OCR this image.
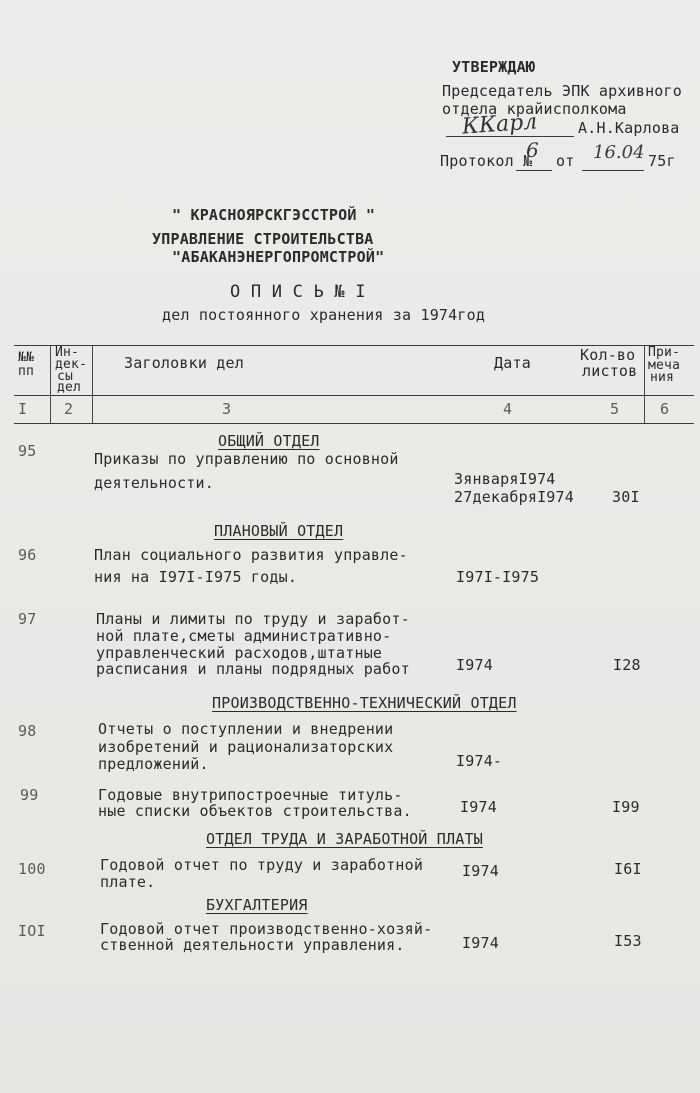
УТВЕРЖДАЮ
Председатель ЭПК архивного
отдела крайисполкома
ККарл	А.Н.Карлова
Протокол №
6 от 16.04 75г
" КРАСНОЯРСКГЭССТРОЙ "
УПРАВЛЕНИЕ СТРОИТЕЛЬСТВА
"АБАКАНЭНЕРГОПРОМСТРОЙ"
О П И С Ь № I
дел постоянного хранения за 1974год
№№
пп
Ин-
дек-
сы
дел
Заголовки дел	Дата	Кол-во
листов
При-
меча
ния
I 2	3	4	5	6
ОБЩИЙ ОТДЕЛ
95	Приказы по управлению по основной
деятельности.	3январяI974
27декабряI974	30I
ПЛАНОВЫЙ ОТДЕЛ
96	План социального развития управле-
ния на I97I-I975 годы.	I97I-I975
97	Планы и лимиты по труду и заработ-
ной плате,сметы административно-
управленческий расходов,штатные
расписания и планы подрядных работ	I974	I28
ПРОИЗВОДСТВЕННО-ТЕХНИЧЕСКИЙ ОТДЕЛ
98	Отчеты о поступлении и внедрении
изобретений и рационализаторских
предложений.	I974-
99	Годовые внутрипостроечные титуль-
ные списки объектов строительства.	I974	I99
ОТДЕЛ ТРУДА И ЗАРАБОТНОЙ ПЛАТЫ
100	Годовой отчет по труду и заработной
плате.
I974	I6I
БУХГАЛТЕРИЯ
IOI	Годовой отчет производственно-хозяй-
ственной деятельности управления.	I974	I53
